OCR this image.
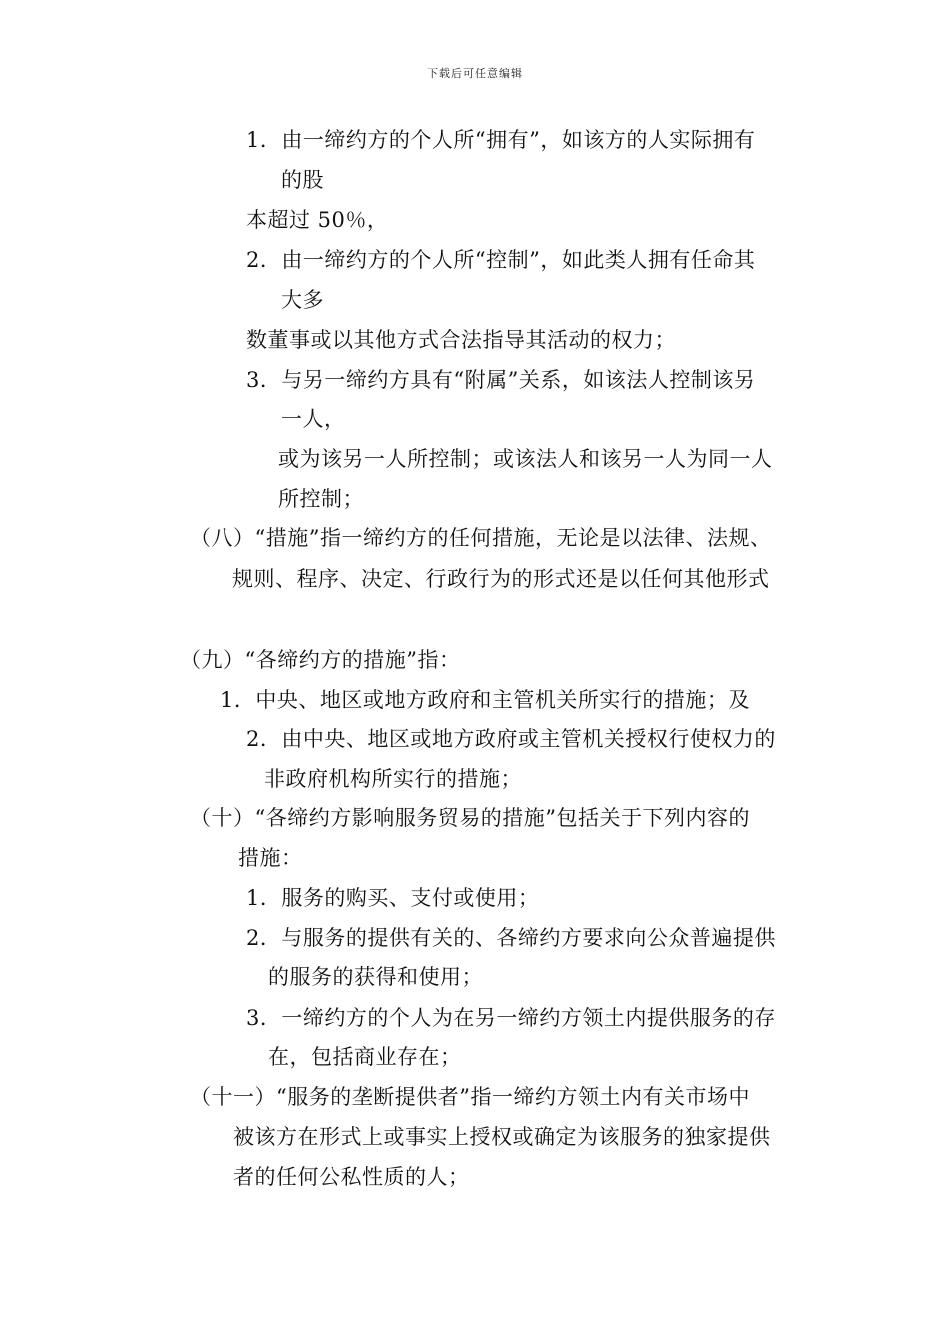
下载后可任意编辑
1．由一缔约方的个人所“拥有”，如该方的人实际拥有
的股
本超过 50％，
2．由一缔约方的个人所“控制”，如此类人拥有任命其
大多
数董事或以其他方式合法指导其活动的权力；
3．与另一缔约方具有“附属”关系，如该法人控制该另
一人，
或为该另一人所控制；或该法人和该另一人为同一人
所控制；
（八）“措施”指一缔约方的任何措施，无论是以法律、法规、
规则、程序、决定、行政行为的形式还是以任何其他形式
（九）“各缔约方的措施”指：
1．中央、地区或地方政府和主管机关所实行的措施；及
2．由中央、地区或地方政府或主管机关授权行使权力的
非政府机构所实行的措施；
（十）“各缔约方影响服务贸易的措施”包括关于下列内容的
措施：
1．服务的购买、支付或使用；
2．与服务的提供有关的、各缔约方要求向公众普遍提供
的服务的获得和使用；
3．一缔约方的个人为在另一缔约方领土内提供服务的存
在，包括商业存在；
（十一）“服务的垄断提供者”指一缔约方领土内有关市场中
被该方在形式上或事实上授权或确定为该服务的独家提供
者的任何公私性质的人；
